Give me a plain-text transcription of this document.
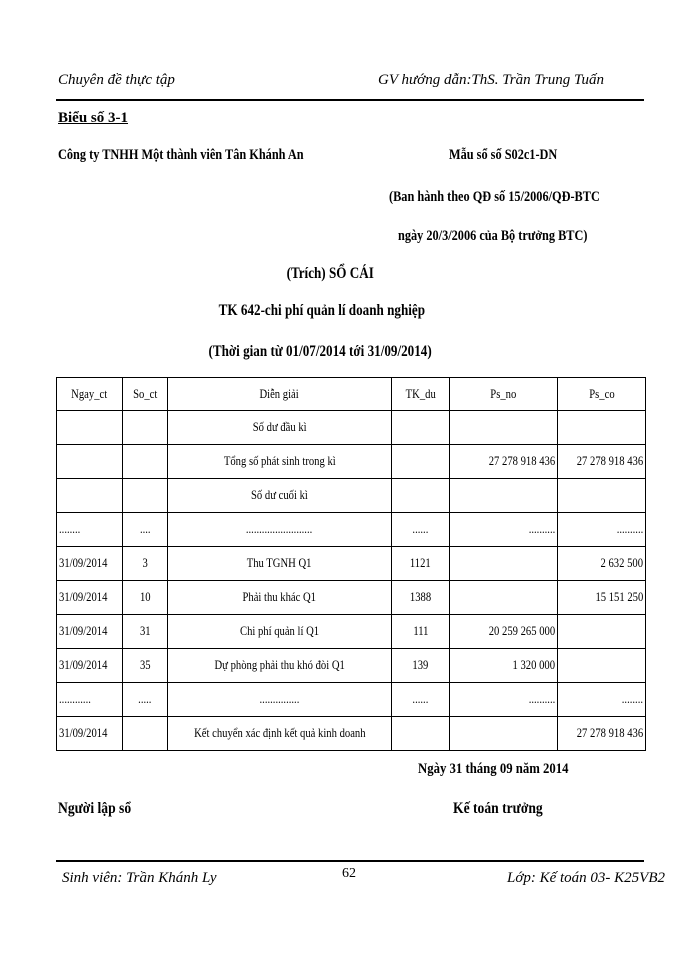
Chuyên đề thực tập	GV hướng dẫn:ThS. Trần Trung Tuấn
Biểu số 3-1
Công ty TNHH Một thành viên Tân Khánh An	Mẫu sổ số S02c1-DN
(Ban hành theo QĐ số 15/2006/QĐ-BTC
ngày 20/3/2006 của Bộ trưởng BTC)
(Trích) SỔ CÁI
TK 642-chi phí quản lí doanh nghiệp
(Thời gian từ 01/07/2014 tới 31/09/2014)
Ngay_ct	So_ct	Diễn giải	TK_du	Ps_no	Ps_co
		Số dư đầu kì			
		Tổng số phát sinh trong kì		27 278 918 436	27 278 918 436
		Số dư cuối kì			
........	....	.........................	......	..........	..........
31/09/2014	3	Thu TGNH Q1	1121		2 632 500
31/09/2014	10	Phải thu khác Q1	1388		15 151 250
31/09/2014	31	Chi phí quản lí Q1	111	20 259 265 000	
31/09/2014	35	Dự phòng phải thu khó đòi Q1	139	1 320 000	
............	.....	...............	......	..........	........
31/09/2014		Kết chuyển xác định kết quả kinh doanh			27 278 918 436
Ngày 31 tháng 09 năm 2014
Người lập sổ	Kế toán trưởng
Sinh viên: Trần Khánh Ly	62	Lớp: Kế toán 03- K25VB2
